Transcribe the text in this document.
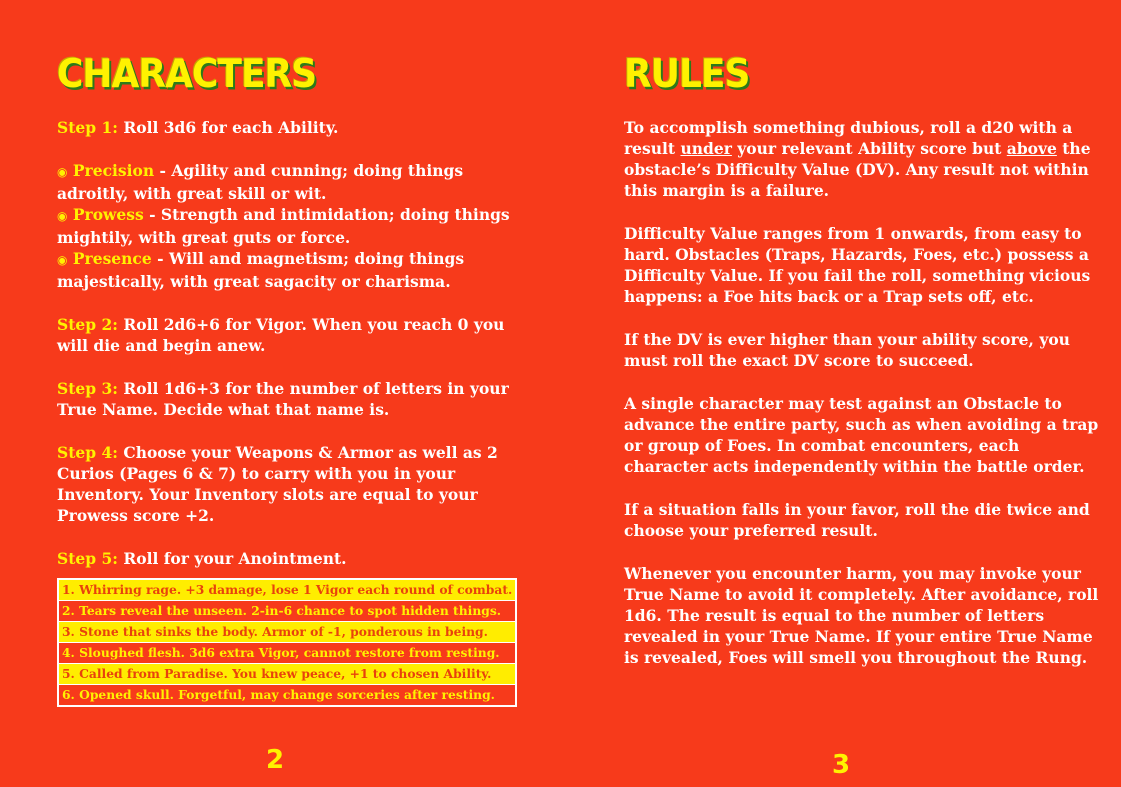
CHARACTERS

Step 1: Roll 3d6 for each Ability.

◉ Precision - Agility and cunning; doing things adroitly, with great skill or wit.
◉ Prowess - Strength and intimidation; doing things mightily, with great guts or force.
◉ Presence - Will and magnetism; doing things majestically, with great sagacity or charisma.

Step 2: Roll 2d6+6 for Vigor. When you reach 0 you will die and begin anew.

Step 3: Roll 1d6+3 for the number of letters in your True Name. Decide what that name is.

Step 4: Choose your Weapons & Armor as well as 2 Curios (Pages 6 & 7) to carry with you in your Inventory. Your Inventory slots are equal to your Prowess score +2.

Step 5: Roll for your Anointment.

1. Whirring rage. +3 damage, lose 1 Vigor each round of combat.
2. Tears reveal the unseen. 2-in-6 chance to spot hidden things.
3. Stone that sinks the body. Armor of -1, ponderous in being.
4. Sloughed flesh. 3d6 extra Vigor, cannot restore from resting.
5. Called from Paradise. You knew peace, +1 to chosen Ability.
6. Opened skull. Forgetful, may change sorceries after resting.
2
RULES

To accomplish something dubious, roll a d20 with a result under your relevant Ability score but above the obstacle’s Difficulty Value (DV). Any result not within this margin is a failure.

Difficulty Value ranges from 1 onwards, from easy to hard. Obstacles (Traps, Hazards, Foes, etc.) possess a Difficulty Value. If you fail the roll, something vicious happens: a Foe hits back or a Trap sets off, etc.

If the DV is ever higher than your ability score, you must roll the exact DV score to succeed.

A single character may test against an Obstacle to advance the entire party, such as when avoiding a trap or group of Foes. In combat encounters, each character acts independently within the battle order.

If a situation falls in your favor, roll the die twice and choose your preferred result.

Whenever you encounter harm, you may invoke your True Name to avoid it completely. After avoidance, roll 1d6. The result is equal to the number of letters revealed in your True Name. If your entire True Name is revealed, Foes will smell you throughout the Rung.

3
